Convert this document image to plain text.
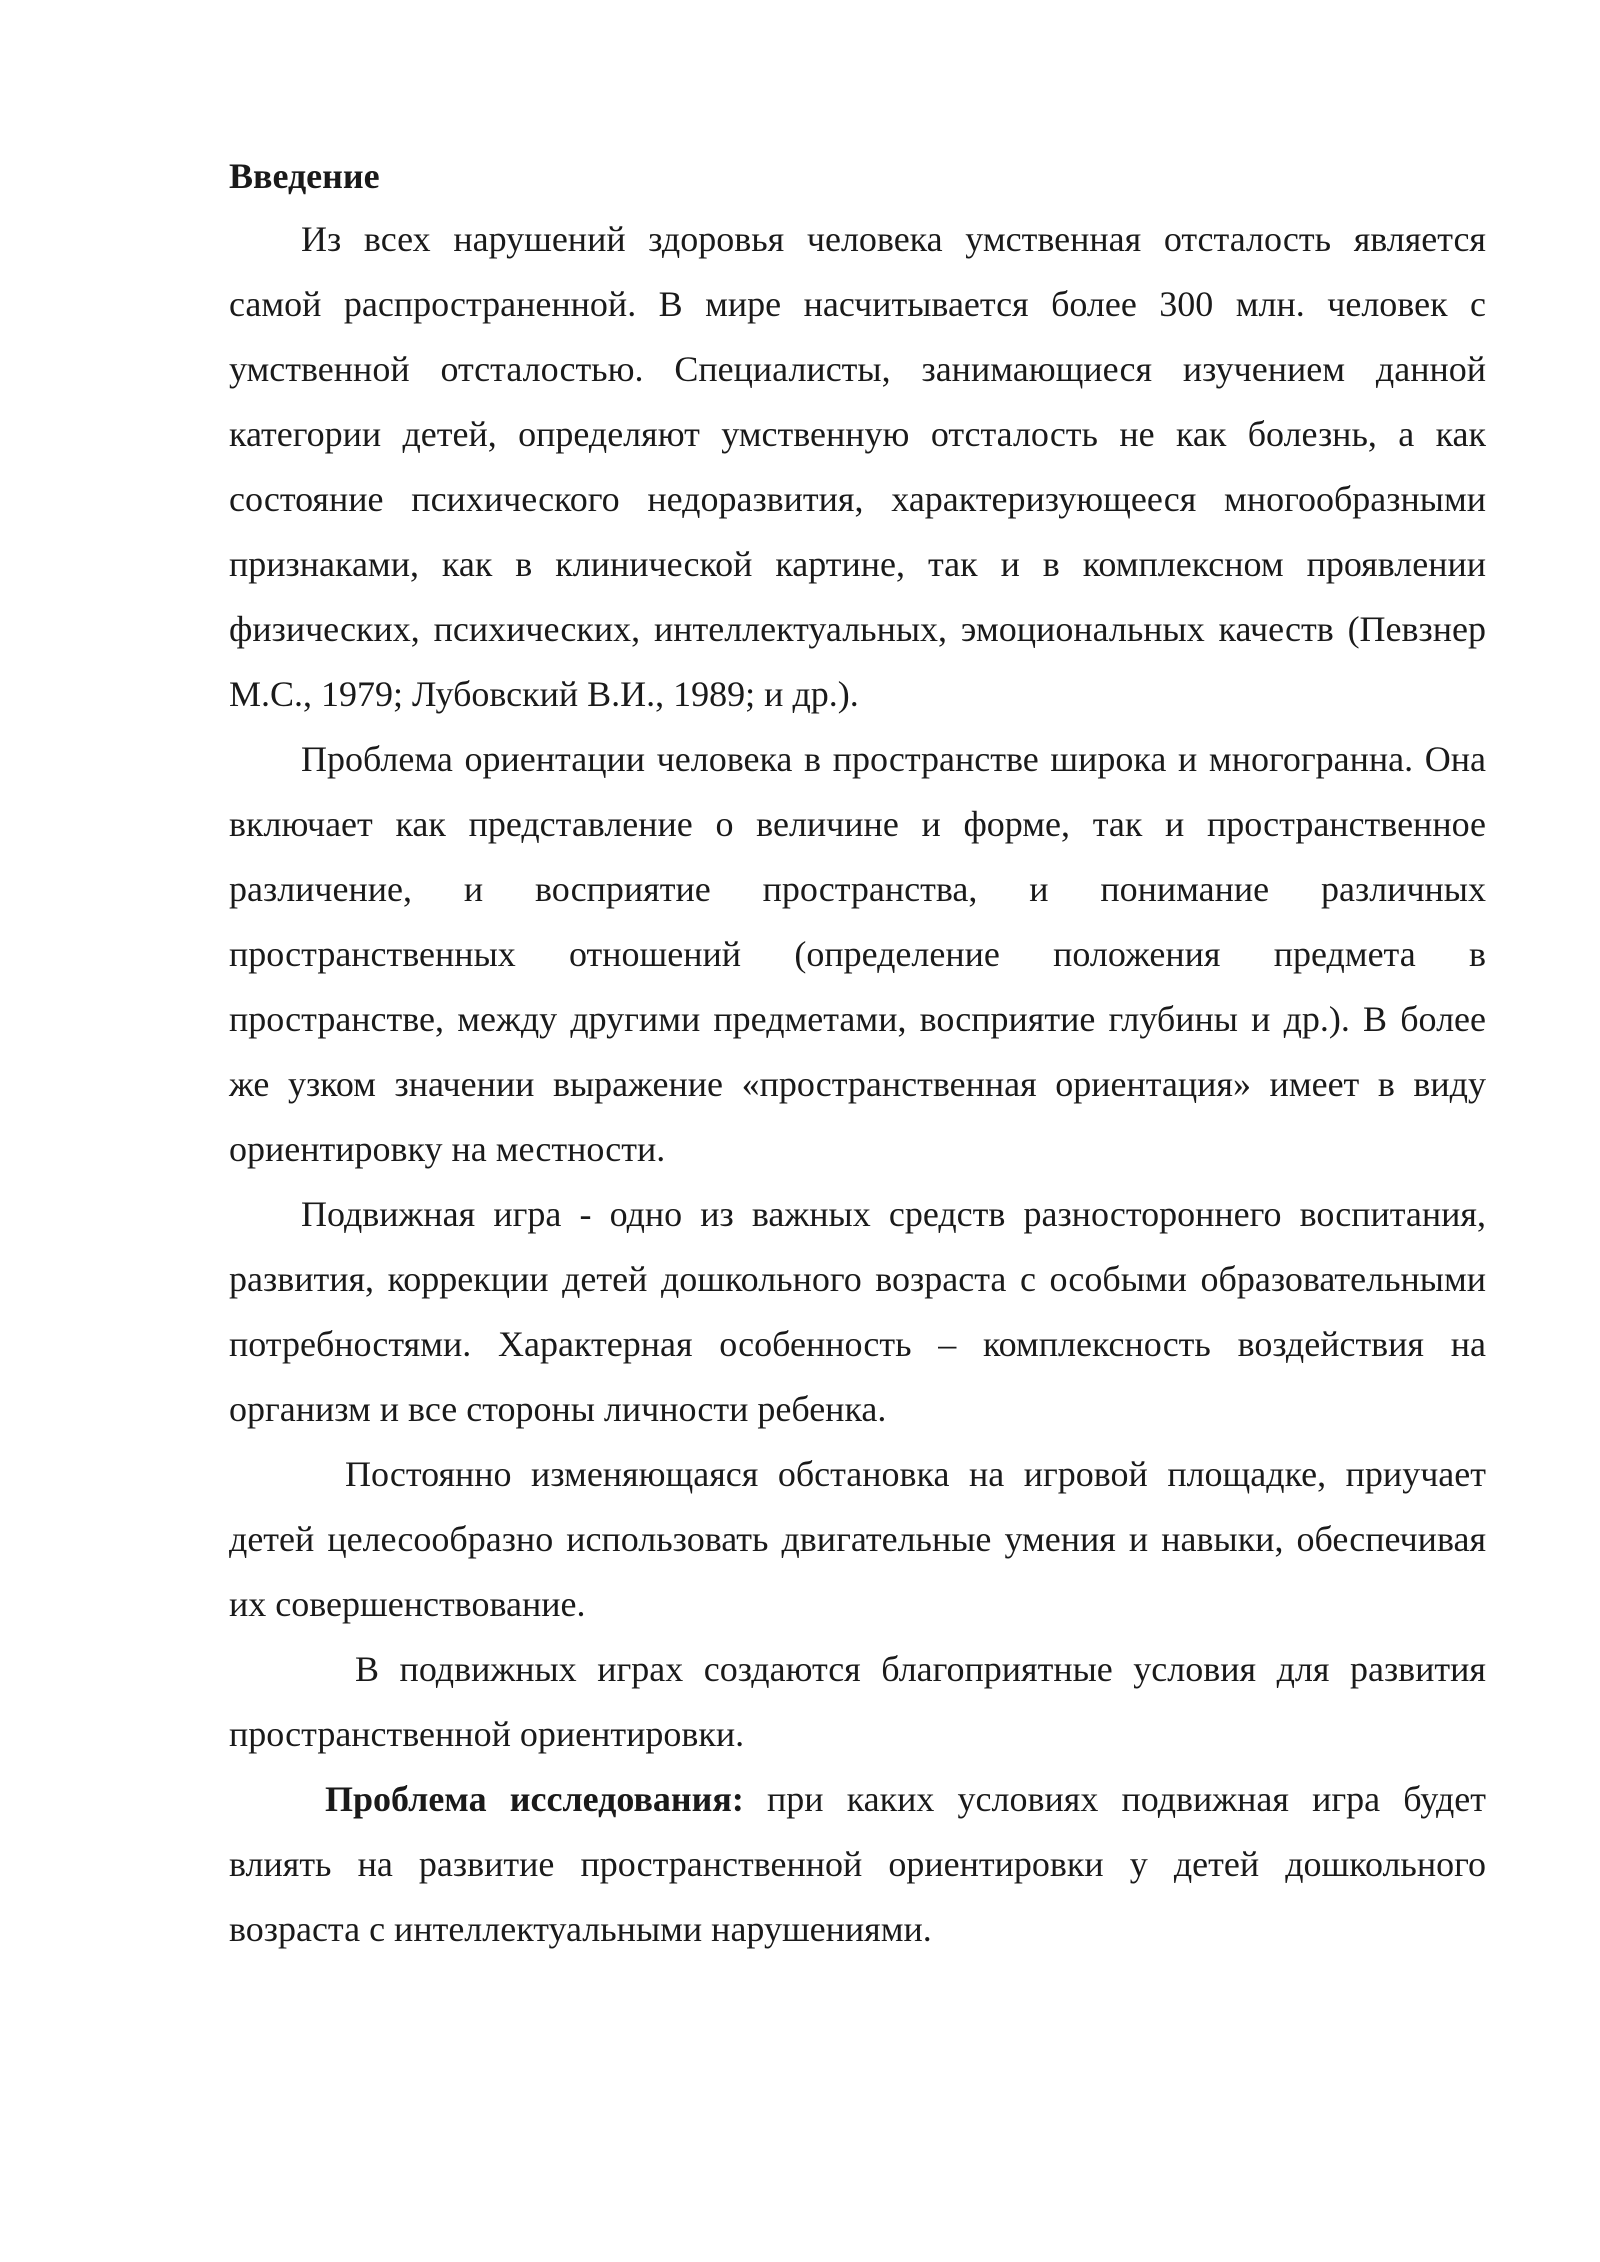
Введение

Из всех нарушений здоровья человека умственная отсталость является самой распространенной. В мире насчитывается более 300 млн. человек с умственной отсталостью. Специалисты, занимающиеся изучением данной категории детей, определяют умственную отсталость не как болезнь, а как состояние психического недоразвития, характеризующееся многообразными признаками, как в клинической картине, так и в комплексном проявлении физических, психических, интеллектуальных, эмоциональных качеств (Певзнер М.С., 1979; Лубовский В.И., 1989; и др.).

Проблема ориентации человека в пространстве широка и многогранна. Она включает как представление о величине и форме, так и пространственное различение, и восприятие пространства, и понимание различных пространственных отношений (определение положения предмета в пространстве, между другими предметами, восприятие глубины и др.). В более же узком значении выражение «пространственная ориентация» имеет в виду ориентировку на местности.

Подвижная игра - одно из важных средств разностороннего воспитания, развития, коррекции детей дошкольного возраста с особыми образовательными потребностями. Характерная особенность – комплексность воздействия на организм и все стороны личности ребенка.

Постоянно изменяющаяся обстановка на игровой площадке, приучает детей целесообразно использовать двигательные умения и навыки, обеспечивая их совершенствование.

В подвижных играх создаются благоприятные условия для развития пространственной ориентировки.

Проблема исследования: при каких условиях подвижная игра будет влиять на развитие пространственной ориентировки у детей дошкольного возраста с интеллектуальными нарушениями.
